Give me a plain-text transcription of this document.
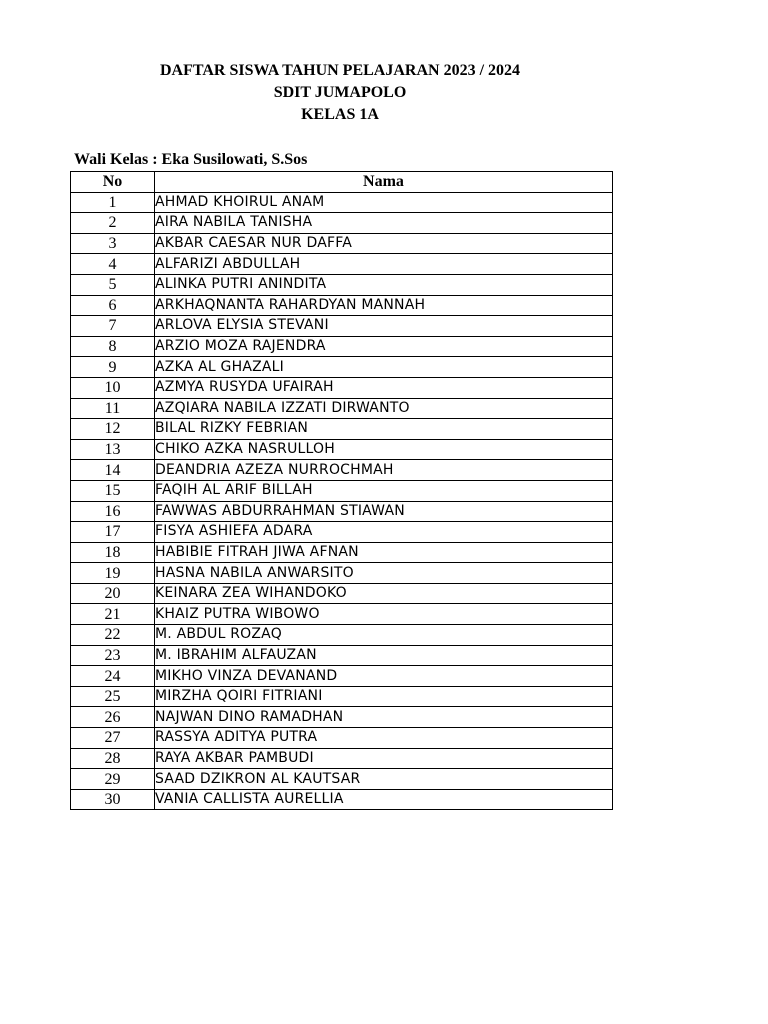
DAFTAR SISWA TAHUN PELAJARAN 2023 / 2024
SDIT JUMAPOLO
KELAS 1A
Wali Kelas : Eka Susilowati, S.Sos
No	Nama
1	AHMAD KHOIRUL ANAM
2	AIRA NABILA TANISHA
3	AKBAR CAESAR NUR DAFFA
4	ALFARIZI ABDULLAH
5	ALINKA PUTRI ANINDITA
6	ARKHAQNANTA RAHARDYAN MANNAH
7	ARLOVA ELYSIA STEVANI
8	ARZIO MOZA RAJENDRA
9	AZKA AL GHAZALI
10	AZMYA RUSYDA UFAIRAH
11	AZQIARA NABILA IZZATI DIRWANTO
12	BILAL RIZKY FEBRIAN
13	CHIKO AZKA NASRULLOH
14	DEANDRIA AZEZA NURROCHMAH
15	FAQIH AL ARIF BILLAH
16	FAWWAS ABDURRAHMAN STIAWAN
17	FISYA ASHIEFA ADARA
18	HABIBIE FITRAH JIWA AFNAN
19	HASNA NABILA ANWARSITO
20	KEINARA ZEA WIHANDOKO
21	KHAIZ PUTRA WIBOWO
22	M. ABDUL ROZAQ
23	M. IBRAHIM ALFAUZAN
24	MIKHO VINZA DEVANAND
25	MIRZHA QOIRI FITRIANI
26	NAJWAN DINO RAMADHAN
27	RASSYA ADITYA PUTRA
28	RAYA AKBAR PAMBUDI
29	SAAD DZIKRON AL KAUTSAR
30	VANIA CALLISTA AURELLIA
